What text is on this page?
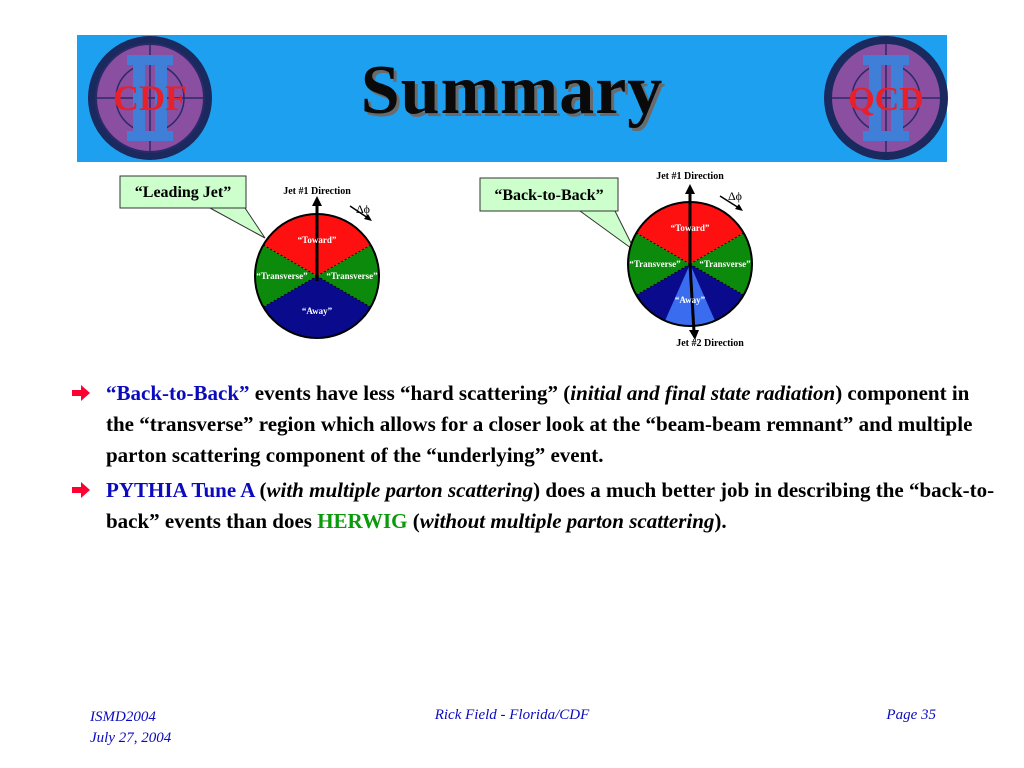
CDF	Summary	QCD
“Leading Jet”	Jet #1 Direction
Δϕ
“Toward”
“Transverse” “Transverse”
“Away”
“Back-to-Back”
Jet #1 Direction
Δϕ
“Toward”
“Transverse” “Transverse”
“Away”
Jet #2 Direction
“Back-to-Back” events have less “hard scattering” (initial and final state radiation) component in the “transverse” region which allows for a closer look at the “beam-beam remnant” and multiple parton scattering component of the “underlying” event.
PYTHIA Tune A (with multiple parton scattering) does a much better job in describing the “back-to-back” events than does HERWIG (without multiple parton scattering).
ISMD2004
July 27, 2004
Rick Field - Florida/CDF	Page 35
